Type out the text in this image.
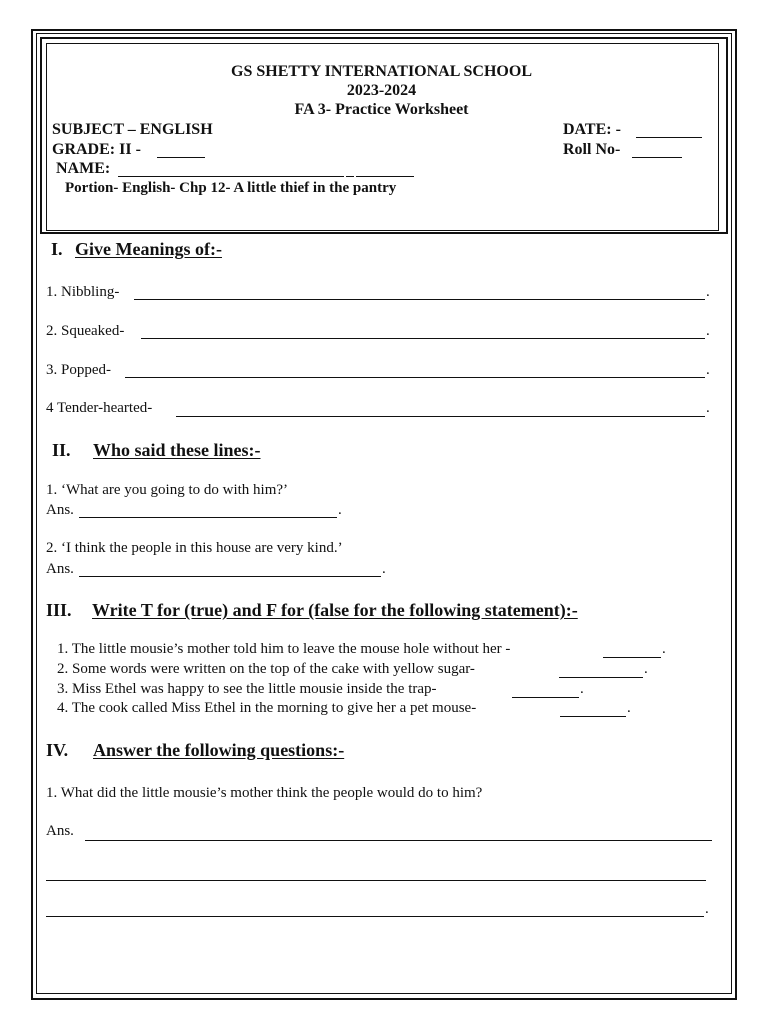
GS SHETTY INTERNATIONAL SCHOOL
2023-2024
FA 3- Practice Worksheet
SUBJECT – ENGLISH	DATE: -
GRADE: II -	Roll No-
NAME:
Portion- English- Chp 12- A little thief in the pantry
I. Give Meanings of:-
1. Nibbling-	.
2. Squeaked-	.
3. Popped-	.
4 Tender-hearted-	.
II. Who said these lines:-
1. ‘What are you going to do with him?’
Ans.	.
2. ‘I think the people in this house are very kind.’
Ans.	.
III. Write T for (true) and F for (false for the following statement):-
1. The little mousie’s mother told him to leave the mouse hole without her -	.
2. Some words were written on the top of the cake with yellow sugar-	.
3. Miss Ethel was happy to see the little mousie inside the trap-	.
4. The cook called Miss Ethel in the morning to give her a pet mouse-	.
IV. Answer the following questions:-
1. What did the little mousie’s mother think the people would do to him?
Ans.
.
